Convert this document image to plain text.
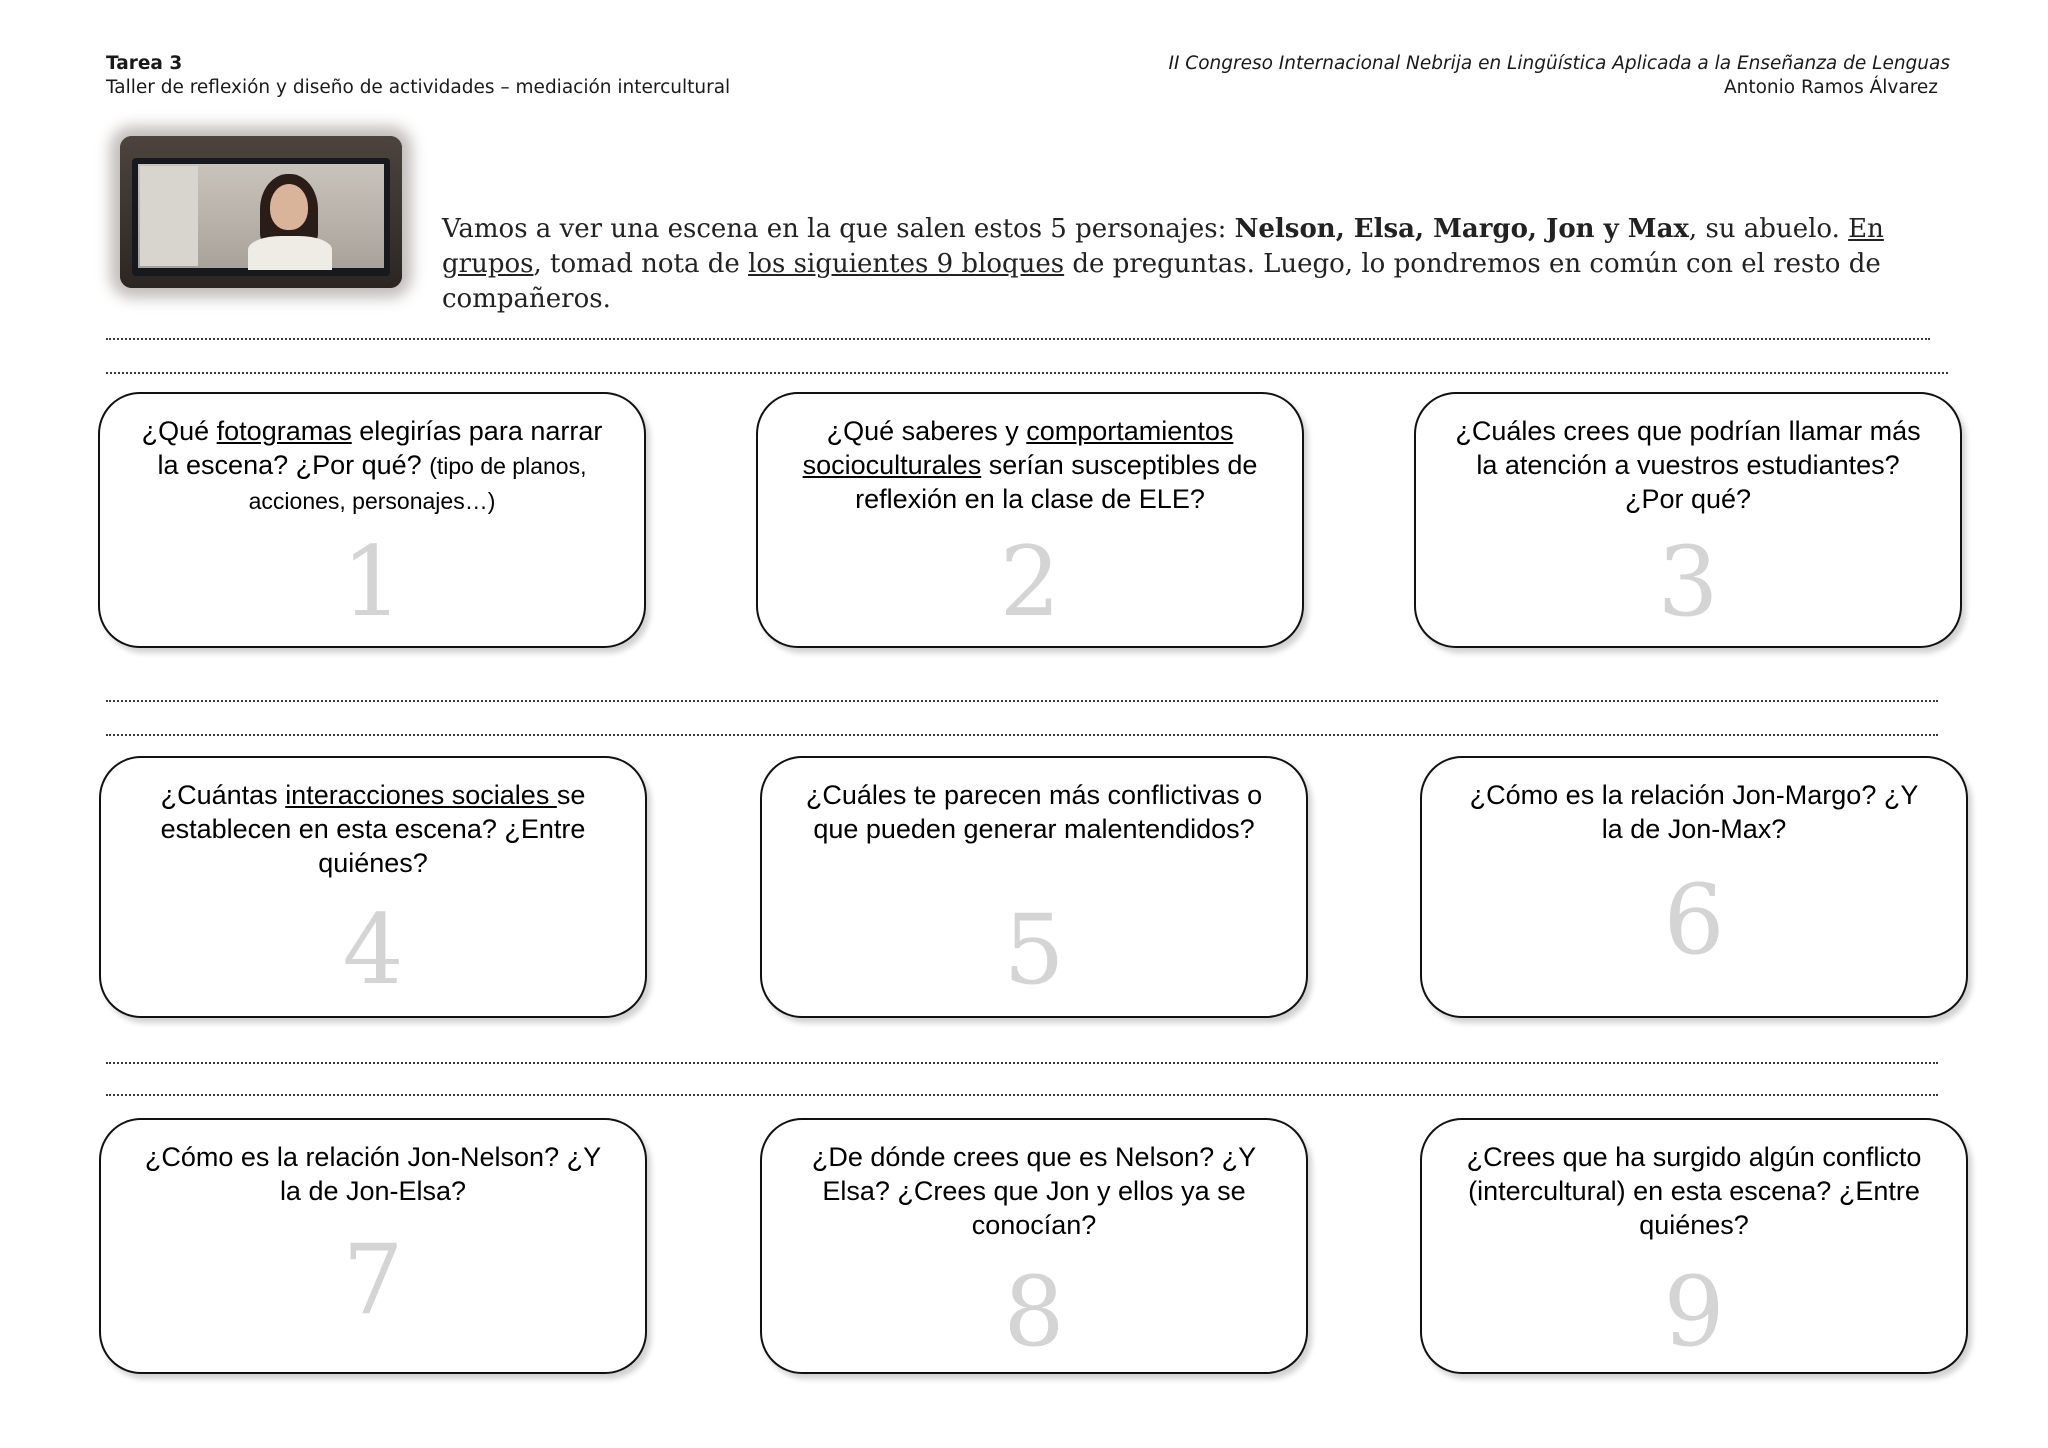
Tarea 3
Taller de reflexión y diseño de actividades – mediación intercultural
II Congreso Internacional Nebrija en Lingüística Aplicada a la Enseñanza de Lenguas
Antonio Ramos Álvarez
Vamos a ver una escena en la que salen estos 5 personajes: Nelson, Elsa, Margo, Jon y Max, su abuelo. En grupos, tomad nota de los siguientes 9 bloques de preguntas. Luego, lo pondremos en común con el resto de compañeros.
¿Qué fotogramas elegirías para narrar la escena? ¿Por qué? (tipo de planos, acciones, personajes…)
1
¿Qué saberes y comportamientos socioculturales serían susceptibles de reflexión en la clase de ELE?
2
¿Cuáles crees que podrían llamar más la atención a vuestros estudiantes? ¿Por qué?
3
¿Cuántas interacciones sociales se establecen en esta escena? ¿Entre quiénes?
4
¿Cuáles te parecen más conflictivas o que pueden generar malentendidos?
5
¿Cómo es la relación Jon-Margo? ¿Y la de Jon-Max?
6
¿Cómo es la relación Jon-Nelson? ¿Y la de Jon-Elsa?
7
¿De dónde crees que es Nelson? ¿Y Elsa? ¿Crees que Jon y ellos ya se conocían?
8
¿Crees que ha surgido algún conflicto (intercultural) en esta escena? ¿Entre quiénes?
9
